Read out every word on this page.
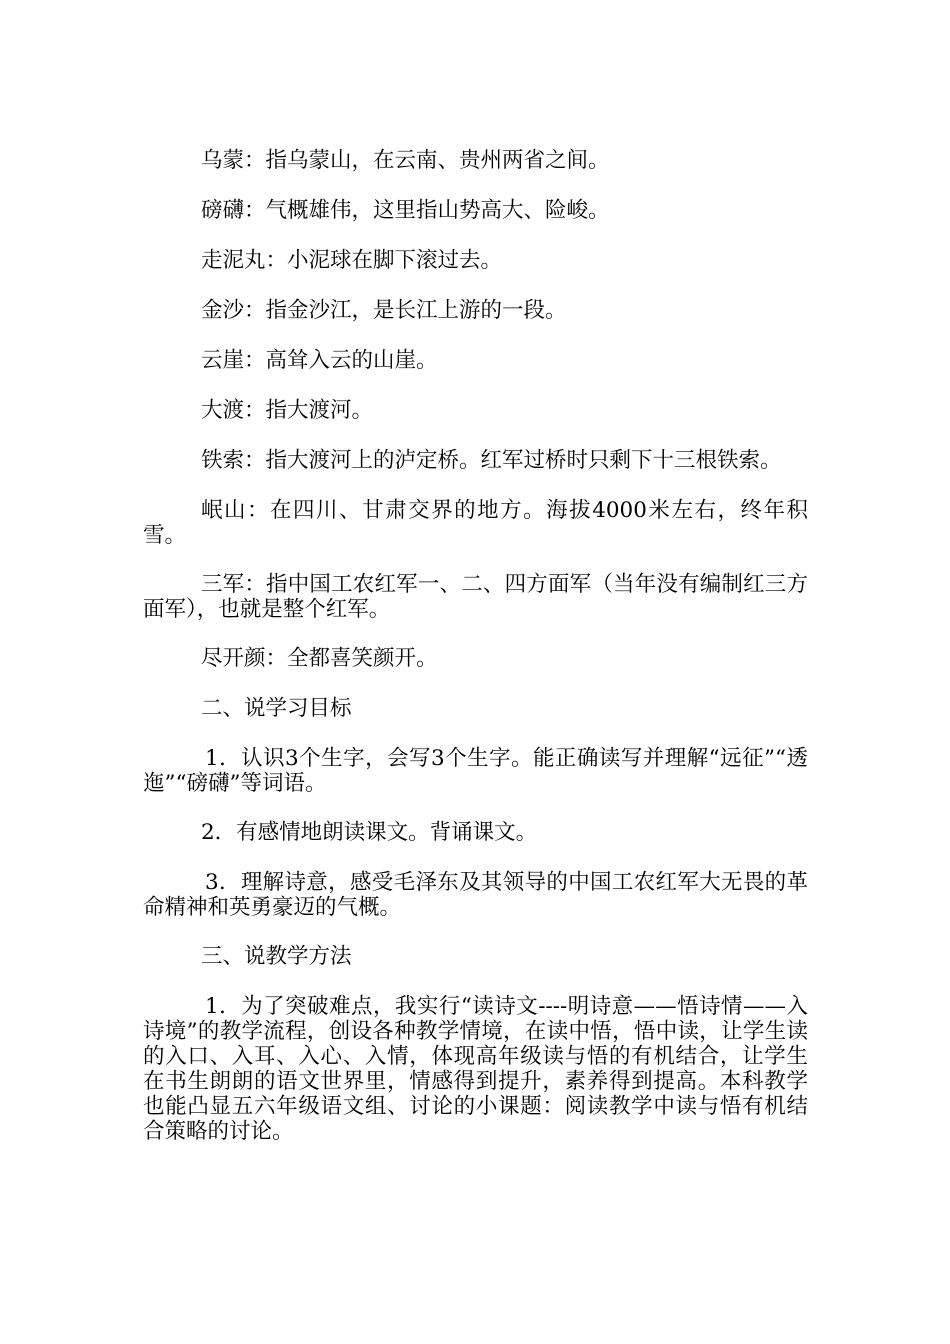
乌蒙：指乌蒙山，在云南、贵州两省之间。

磅礴：气概雄伟，这里指山势高大、险峻。

走泥丸：小泥球在脚下滚过去。

金沙：指金沙江，是长江上游的一段。

云崖：高耸入云的山崖。

大渡：指大渡河。

铁索：指大渡河上的泸定桥。红军过桥时只剩下十三根铁索。

岷山：在四川、甘肃交界的地方。海拔4000米左右，终年积雪。

三军：指中国工农红军一、二、四方面军（当年没有编制红三方面军），也就是整个红军。

尽开颜：全都喜笑颜开。

二、说学习目标

1．认识3个生字，会写3个生字。能正确读写并理解“远征”“透迤”“磅礴”等词语。

2．有感情地朗读课文。背诵课文。

3．理解诗意，感受毛泽东及其领导的中国工农红军大无畏的革命精神和英勇豪迈的气概。

三、说教学方法

1．为了突破难点，我实行“读诗文----明诗意——悟诗情——入诗境”的教学流程，创设各种教学情境，在读中悟，悟中读，让学生读的入口、入耳、入心、入情，体现高年级读与悟的有机结合，让学生在书生朗朗的语文世界里，情感得到提升，素养得到提高。本科教学也能凸显五六年级语文组、讨论的小课题：阅读教学中读与悟有机结合策略的讨论。
